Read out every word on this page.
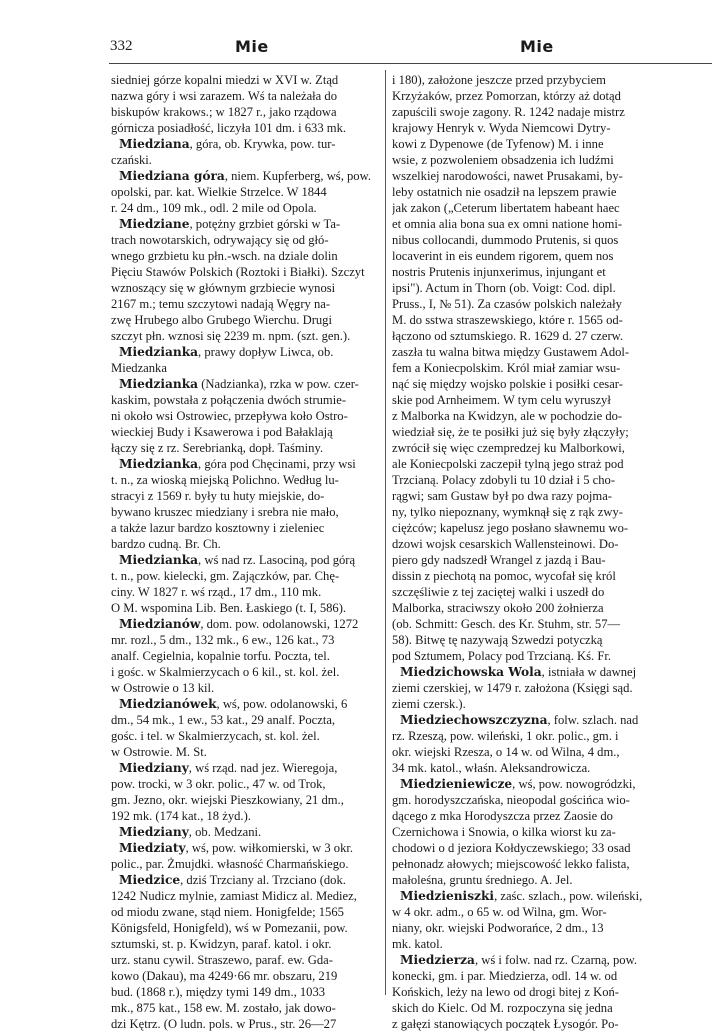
332	Mie	Mie
siedniej górze kopalni miedzi w XVI w. Ztąd
nazwa góry i wsi zarazem. Wś ta należała do
biskupów krakows.; w 1827 r., jako rządowa
górnicza posiadłość, liczyła 101 dm. i 633 mk.
Miedziana, góra, ob. Krywka, pow. tur-
czański.
Miedziana góra, niem. Kupferberg, wś, pow.
opolski, par. kat. Wielkie Strzelce. W 1844
r. 24 dm., 109 mk., odl. 2 mile od Opola.
Miedziane, potężny grzbiet górski w Ta-
trach nowotarskich, odrywający się od głó-
wnego grzbietu ku płn.-wsch. na dziale dolin
Pięciu Stawów Polskich (Roztoki i Białki). Szczyt
wznoszący się w głównym grzbiecie wynosi
2167 m.; temu szczytowi nadają Węgry na-
zwę Hrubego albo Grubego Wierchu. Drugi
szczyt płn. wznosi się 2239 m. npm. (szt. gen.).
Miedzianka, prawy dopływ Liwca, ob.
Miedzanka
Miedzianka (Nadzianka), rzka w pow. czer-
kaskim, powstała z połączenia dwóch strumie-
ni około wsi Ostrowiec, przepływa koło Ostro-
wieckiej Budy i Ksawerowa i pod Bałaklają
łączy się z rz. Serebrianką, dopł. Taśminy.
Miedzianka, góra pod Chęcinami, przy wsi
t. n., za wioską miejską Polichno. Według lu-
stracyi z 1569 r. były tu huty miejskie, do-
bywano kruszec miedziany i srebra nie mało,
a także lazur bardzo kosztowny i zieleniec
bardzo cudną. Br. Ch.
Miedzianka, wś nad rz. Lasociną, pod górą
t. n., pow. kielecki, gm. Zajączków, par. Chę-
ciny. W 1827 r. wś rząd., 17 dm., 110 mk.
O M. wspomina Lib. Ben. Łaskiego (t. I, 586).
Miedzianów, dom. pow. odolanowski, 1272
mr. rozl., 5 dm., 132 mk., 6 ew., 126 kat., 73
analf. Cegielnia, kopalnie torfu. Poczta, tel.
i gośc. w Skalmierzycach o 6 kil., st. kol. żel.
w Ostrowie o 13 kil.
Miedzianówek, wś, pow. odolanowski, 6
dm., 54 mk., 1 ew., 53 kat., 29 analf. Poczta,
gośc. i tel. w Skalmierzycach, st. kol. żel.
w Ostrowie. M. St.
Miedziany, wś rząd. nad jez. Wieregoja,
pow. trocki, w 3 okr. polic., 47 w. od Trok,
gm. Jezno, okr. wiejski Pieszkowiany, 21 dm.,
192 mk. (174 kat., 18 żyd.).
Miedziany, ob. Medzani.
Miedziaty, wś, pow. wiłkomierski, w 3 okr.
polic., par. Żmujdki. własność Charmańskiego.
Miedzice, dziś Trzciany al. Trzciano (dok.
1242 Nudicz mylnie, zamiast Midicz al. Mediez,
od miodu zwane, stąd niem. Honigfelde; 1565
Königsfeld, Honigfeld), wś w Pomezanii, pow.
sztumski, st. p. Kwidzyn, paraf. katol. i okr.
urz. stanu cywil. Straszewo, paraf. ew. Gda-
kowo (Dakau), ma 4249·66 mr. obszaru, 219
bud. (1868 r.), między tymi 149 dm., 1033
mk., 875 kat., 158 ew. M. zostało, jak dowo-
dzi Kętrz. (O ludn. pols. w Prus., str. 26—27
i 180), założone jeszcze przed przybyciem
Krzyżaków, przez Pomorzan, którzy aż dotąd
zapuścili swoje zagony. R. 1242 nadaje mistrz
krajowy Henryk v. Wyda Niemcowi Dytry-
kowi z Dypenowe (de Tyfenow) M. i inne
wsie, z pozwoleniem obsadzenia ich ludźmi
wszelkiej narodowości, nawet Prusakami, by-
leby ostatnich nie osadził na lepszem prawie
jak zakon („Ceterum libertatem habeant haec
et omnia alia bona sua ex omni natione homi-
nibus collocandi, dummodo Prutenis, si quos
locaverint in eis eundem rigorem, quem nos
nostris Prutenis injunxerimus, injungant et
ipsi"). Actum in Thorn (ob. Voigt: Cod. dipl.
Pruss., I, № 51). Za czasów polskich należały
M. do sstwa straszewskiego, które r. 1565 od-
łączono od sztumskiego. R. 1629 d. 27 czerw.
zaszła tu walna bitwa między Gustawem Adol-
fem a Koniecpolskim. Król miał zamiar wsu-
nąć się między wojsko polskie i posiłki cesar-
skie pod Arnheimem. W tym celu wyruszył
z Malborka na Kwidzyn, ale w pochodzie do-
wiedział się, że te posiłki już się były złączyły;
zwrócił się więc czempredzej ku Malborkowi,
ale Koniecpolski zaczepił tylną jego straż pod
Trzcianą. Polacy zdobyli tu 10 dział i 5 cho-
rągwi; sam Gustaw był po dwa razy pojma-
ny, tylko niepoznany, wymknął się z rąk zwy-
ciężców; kapelusz jego posłano sławnemu wo-
dzowi wojsk cesarskich Wallensteinowi. Do-
piero gdy nadszedł Wrangel z jazdą i Bau-
dissin z piechotą na pomoc, wycofał się król
szczęśliwie z tej zaciętej walki i uszedł do
Malborka, straciwszy około 200 żołnierza
(ob. Schmitt: Gesch. des Kr. Stuhm, str. 57—
58). Bitwę tę nazywają Szwedzi potyczką
pod Sztumem, Polacy pod Trzcianą. Kś. Fr.
Miedzichowska Wola, istniała w dawnej
ziemi czerskiej, w 1479 r. założona (Księgi sąd.
ziemi czersk.).
Miedziechowszczyzna, folw. szlach. nad
rz. Rzeszą, pow. wileński, 1 okr. polic., gm. i
okr. wiejski Rzesza, o 14 w. od Wilna, 4 dm.,
34 mk. katol., właśn. Aleksandrowicza.
Miedzieniewicze, wś, pow. nowogródzki,
gm. horodyszczańska, nieopodal gościńca wio-
dącego z mka Horodyszcza przez Zaosie do
Czernichowa i Snowia, o kilka wiorst ku za-
chodowi o d jeziora Kołdyczewskiego; 33 osad
pełnonadz ałowych; miejscowość lekko falista,
małoleśna, gruntu średniego. A. Jel.
Miedzieniszki, zaśc. szlach., pow. wileński,
w 4 okr. adm., o 65 w. od Wilna, gm. Wor-
niany, okr. wiejski Podworańce, 2 dm., 13
mk. katol.
Miedzierza, wś i folw. nad rz. Czarną, pow.
konecki, gm. i par. Miedzierza, odl. 14 w. od
Końskich, leży na lewo od drogi bitej z Koń-
skich do Kielc. Od M. rozpoczyna się jedna
z gałęzi stanowiących początek Łysogór. Po-
